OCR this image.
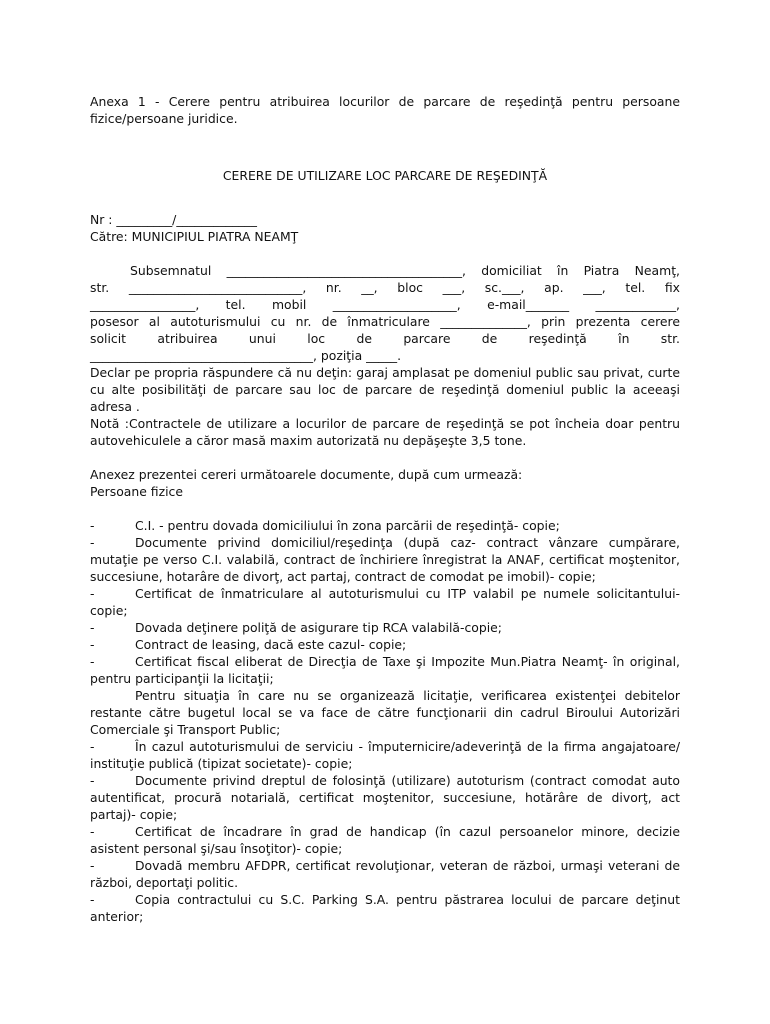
Anexa 1 - Cerere pentru atribuirea locurilor de parcare de reşedinţă pentru persoane

fizice/persoane juridice.

CERERE DE UTILIZARE LOC PARCARE DE REŞEDINŢĂ

Nr : _________/_____________

Către: MUNICIPIUL PIATRA NEAMŢ

Subsemnatul ______________________________________, domiciliat în Piatra Neamţ,

str. ____________________________, nr. __, bloc ___, sc.___, ap. ___, tel. fix

_________________, tel. mobil ____________________, e-mail_______ _____________,

posesor al autoturismului cu nr. de înmatriculare ______________, prin prezenta cerere

solicit atribuirea unui loc de parcare de reşedinţă în str.

____________________________________, poziţia _____.

Declar pe propria răspundere că nu deţin: garaj amplasat pe domeniul public sau privat, curte cu alte posibilităţi de parcare sau loc de parcare de reşedinţă domeniul public la aceeaşi adresa .

Notă :Contractele de utilizare a locurilor de parcare de reşedinţă se pot încheia doar pentru autovehiculele a căror masă maxim autorizată nu depăşeşte 3,5 tone.

Anexez prezentei cereri următoarele documente, după cum urmează:

Persoane fizice

-	C.I. - pentru dovada domiciliului în zona parcării de reşedinţă- copie;

-	Documente privind domiciliul/reşedinţa (după caz- contract vânzare cumpărare, mutaţie pe verso C.I. valabilă, contract de închiriere înregistrat la ANAF, certificat moştenitor, succesiune, hotarâre de divorţ, act partaj, contract de comodat pe imobil)- copie;

-	Certificat de înmatriculare al autoturismului cu ITP valabil pe numele solicitantului- copie;

-	Dovada deţinere poliţă de asigurare tip RCA valabilă-copie;

-	Contract de leasing, dacă este cazul- copie;

-	Certificat fiscal eliberat de Direcţia de Taxe şi Impozite Mun.Piatra Neamţ- în original, pentru participanţii la licitaţii;

Pentru situaţia în care nu se organizează licitaţie, verificarea existenţei debitelor restante către bugetul local se va face de către funcţionarii din cadrul Biroului Autorizări Comerciale şi Transport Public;

-	În cazul autoturismului de serviciu - împuternicire/adeverinţă de la firma angajatoare/ instituţie publică (tipizat societate)- copie;

-	Documente privind dreptul de folosinţă (utilizare) autoturism (contract comodat auto autentificat, procură notarială, certificat moştenitor, succesiune, hotărâre de divorţ, act partaj)- copie;

-	Certificat de încadrare în grad de handicap (în cazul persoanelor minore, decizie asistent personal şi/sau însoţitor)- copie;

-	Dovadă membru AFDPR, certificat revoluţionar, veteran de război, urmaşi veterani de război, deportaţi politic.

-	Copia contractului cu S.C. Parking S.A. pentru păstrarea locului de parcare deţinut anterior;
